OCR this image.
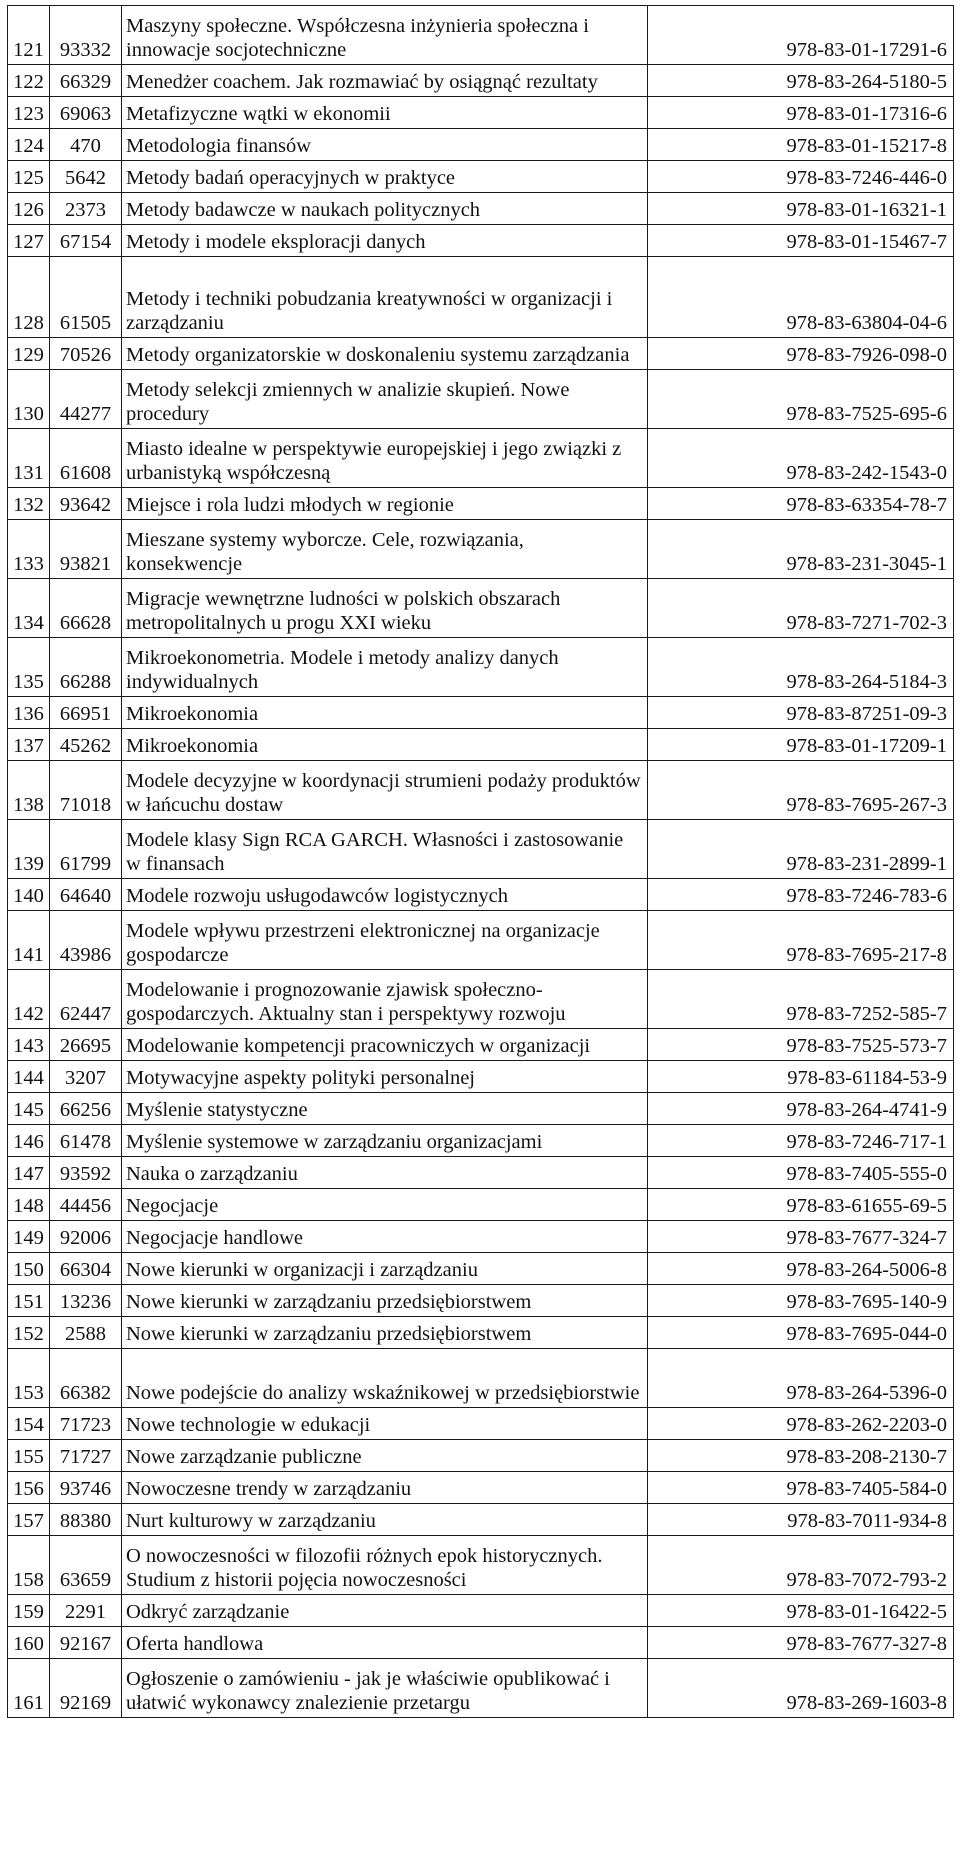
121	93332	Maszyny społeczne. Współczesna inżynieria społeczna i innowacje socjotechniczne	978-83-01-17291-6
122	66329	Menedżer coachem. Jak rozmawiać by osiągnąć rezultaty	978-83-264-5180-5
123	69063	Metafizyczne wątki w ekonomii	978-83-01-17316-6
124	470	Metodologia finansów	978-83-01-15217-8
125	5642	Metody badań operacyjnych w praktyce	978-83-7246-446-0
126	2373	Metody badawcze w naukach politycznych	978-83-01-16321-1
127	67154	Metody i modele eksploracji danych	978-83-01-15467-7
128	61505	Metody i techniki pobudzania kreatywności w organizacji i zarządzaniu	978-83-63804-04-6
129	70526	Metody organizatorskie w doskonaleniu systemu zarządzania	978-83-7926-098-0
130	44277	Metody selekcji zmiennych w analizie skupień. Nowe procedury	978-83-7525-695-6
131	61608	Miasto idealne w perspektywie europejskiej i jego związki z urbanistyką współczesną	978-83-242-1543-0
132	93642	Miejsce i rola ludzi młodych w regionie	978-83-63354-78-7
133	93821	Mieszane systemy wyborcze. Cele, rozwiązania, konsekwencje	978-83-231-3045-1
134	66628	Migracje wewnętrzne ludności w polskich obszarach metropolitalnych u progu XXI wieku	978-83-7271-702-3
135	66288	Mikroekonometria. Modele i metody analizy danych indywidualnych	978-83-264-5184-3
136	66951	Mikroekonomia	978-83-87251-09-3
137	45262	Mikroekonomia	978-83-01-17209-1
138	71018	Modele decyzyjne w koordynacji strumieni podaży produktów w łańcuchu dostaw	978-83-7695-267-3
139	61799	Modele klasy Sign RCA GARCH. Własności i zastosowanie w finansach	978-83-231-2899-1
140	64640	Modele rozwoju usługodawców logistycznych	978-83-7246-783-6
141	43986	Modele wpływu przestrzeni elektronicznej na organizacje gospodarcze	978-83-7695-217-8
142	62447	Modelowanie i prognozowanie zjawisk społeczno-gospodarczych. Aktualny stan i perspektywy rozwoju	978-83-7252-585-7
143	26695	Modelowanie kompetencji pracowniczych w organizacji	978-83-7525-573-7
144	3207	Motywacyjne aspekty polityki personalnej	978-83-61184-53-9
145	66256	Myślenie statystyczne	978-83-264-4741-9
146	61478	Myślenie systemowe w zarządzaniu organizacjami	978-83-7246-717-1
147	93592	Nauka o zarządzaniu	978-83-7405-555-0
148	44456	Negocjacje	978-83-61655-69-5
149	92006	Negocjacje handlowe	978-83-7677-324-7
150	66304	Nowe kierunki w organizacji i zarządzaniu	978-83-264-5006-8
151	13236	Nowe kierunki w zarządzaniu przedsiębiorstwem	978-83-7695-140-9
152	2588	Nowe kierunki w zarządzaniu przedsiębiorstwem	978-83-7695-044-0
153	66382	Nowe podejście do analizy wskaźnikowej w przedsiębiorstwie	978-83-264-5396-0
154	71723	Nowe technologie w edukacji	978-83-262-2203-0
155	71727	Nowe zarządzanie publiczne	978-83-208-2130-7
156	93746	Nowoczesne trendy w zarządzaniu	978-83-7405-584-0
157	88380	Nurt kulturowy w zarządzaniu	978-83-7011-934-8
158	63659	O nowoczesności w filozofii różnych epok historycznych. Studium z historii pojęcia nowoczesności	978-83-7072-793-2
159	2291	Odkryć zarządzanie	978-83-01-16422-5
160	92167	Oferta handlowa	978-83-7677-327-8
161	92169	Ogłoszenie o zamówieniu - jak je właściwie opublikować i ułatwić wykonawcy znalezienie przetargu	978-83-269-1603-8
